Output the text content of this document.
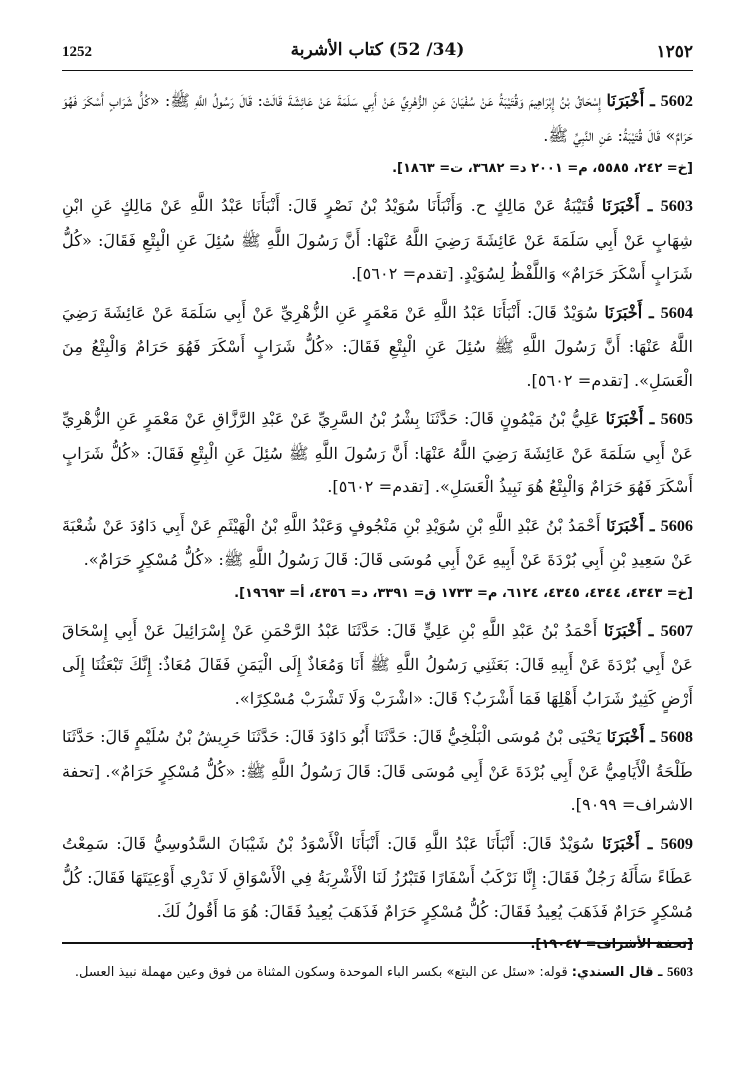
1252	(34/ 52) كتاب الأشربة	١٢٥٢

5602 ـ أَخْبَرَنَا إِسْحَاقُ بْنُ إِبْرَاهِيمَ وَقُتَيْبَةُ عَنْ سُفْيَانَ عَنِ الزُّهْرِيِّ عَنْ أَبِي سَلَمَةَ عَنْ عَائِشَةَ قَالَتْ: قَالَ رَسُولُ اللَّهِ ﷺ: «كُلُّ شَرَابٍ أَسْكَرَ فَهُوَ حَرَامٌ» قَالَ قُتَيْبَةُ: عَنِ النَّبِيِّ ﷺ.

[خ= ٢٤٢، ٥٥٨٥، م= ٢٠٠١ د= ٣٦٨٢، ت= ١٨٦٣].

5603 ـ أَخْبَرَنَا قُتَيْبَةُ عَنْ مَالِكٍ ح. وَأَنْبَأَنَا سُوَيْدُ بْنُ نَصْرٍ قَالَ: أَنْبَأَنَا عَبْدُ اللَّهِ عَنْ مَالِكٍ عَنِ ابْنِ شِهَابٍ عَنْ أَبِي سَلَمَةَ عَنْ عَائِشَةَ رَضِيَ اللَّهُ عَنْهَا: أَنَّ رَسُولَ اللَّهِ ﷺ سُئِلَ عَنِ الْبِتْعِ فَقَالَ: «كُلُّ شَرَابٍ أَسْكَرَ حَرَامٌ» وَاللَّفْظُ لِسُوَيْدٍ. [تقدم= ٥٦٠٢].

5604 ـ أَخْبَرَنَا سُوَيْدٌ قَالَ: أَنْبَأَنَا عَبْدُ اللَّهِ عَنْ مَعْمَرٍ عَنِ الزُّهْرِيِّ عَنْ أَبِي سَلَمَةَ عَنْ عَائِشَةَ رَضِيَ اللَّهُ عَنْهَا: أَنَّ رَسُولَ اللَّهِ ﷺ سُئِلَ عَنِ الْبِتْعِ فَقَالَ: «كُلُّ شَرَابٍ أَسْكَرَ فَهُوَ حَرَامٌ وَالْبِتْعُ مِنَ الْعَسَلِ». [تقدم= ٥٦٠٢].

5605 ـ أَخْبَرَنَا عَلِيُّ بْنُ مَيْمُونٍ قَالَ: حَدَّثَنَا بِشْرُ بْنُ السَّرِيِّ عَنْ عَبْدِ الرَّزَّاقِ عَنْ مَعْمَرٍ عَنِ الزُّهْرِيِّ عَنْ أَبِي سَلَمَةَ عَنْ عَائِشَةَ رَضِيَ اللَّهُ عَنْهَا: أَنَّ رَسُولَ اللَّهِ ﷺ سُئِلَ عَنِ الْبِتْعِ فَقَالَ: «كُلُّ شَرَابٍ أَسْكَرَ فَهُوَ حَرَامٌ وَالْبِتْعُ هُوَ نَبِيذُ الْعَسَلِ». [تقدم= ٥٦٠٢].

5606 ـ أَخْبَرَنَا أَحْمَدُ بْنُ عَبْدِ اللَّهِ بْنِ سُوَيْدِ بْنِ مَنْجُوفٍ وَعَبْدُ اللَّهِ بْنُ الْهَيْثَمِ عَنْ أَبِي دَاوُدَ عَنْ شُعْبَةَ عَنْ سَعِيدِ بْنِ أَبِي بُرْدَةَ عَنْ أَبِيهِ عَنْ أَبِي مُوسَى قَالَ: قَالَ رَسُولُ اللَّهِ ﷺ: «كُلُّ مُسْكِرٍ حَرَامٌ».

[خ= ٤٣٤٣، ٤٣٤٤، ٤٣٤٥، ٦١٢٤، م= ١٧٣٣ ق= ٣٣٩١، د= ٤٣٥٦، أ= ١٩٦٩٣].

5607 ـ أَخْبَرَنَا أَحْمَدُ بْنُ عَبْدِ اللَّهِ بْنِ عَلِيٍّ قَالَ: حَدَّثَنَا عَبْدُ الرَّحْمَنِ عَنْ إِسْرَائِيلَ عَنْ أَبِي إِسْحَاقَ عَنْ أَبِي بُرْدَةَ عَنْ أَبِيهِ قَالَ: بَعَثَنِي رَسُولُ اللَّهِ ﷺ أَنَا وَمُعَاذٌ إِلَى الْيَمَنِ فَقَالَ مُعَاذٌ: إِنَّكَ تَبْعَثُنَا إِلَى أَرْضٍ كَثِيرٌ شَرَابُ أَهْلِهَا فَمَا أَشْرَبُ؟ قَالَ: «اشْرَبْ وَلَا تَشْرَبْ مُسْكِرًا».

5608 ـ أَخْبَرَنَا يَحْيَى بْنُ مُوسَى الْبَلْخِيُّ قَالَ: حَدَّثَنَا أَبُو دَاوُدَ قَالَ: حَدَّثَنَا حَرِيشُ بْنُ سُلَيْمٍ قَالَ: حَدَّثَنَا طَلْحَةُ الْأَيَامِيُّ عَنْ أَبِي بُرْدَةَ عَنْ أَبِي مُوسَى قَالَ: قَالَ رَسُولُ اللَّهِ ﷺ: «كُلُّ مُسْكِرٍ حَرَامٌ». [تحفة الاشراف= ٩٠٩٩].

5609 ـ أَخْبَرَنَا سُوَيْدٌ قَالَ: أَنْبَأَنَا عَبْدُ اللَّهِ قَالَ: أَنْبَأَنَا الْأَسْوَدُ بْنُ شَيْبَانَ السَّدُوسِيُّ قَالَ: سَمِعْتُ عَطَاءً سَأَلَهُ رَجُلٌ فَقَالَ: إِنَّا نَرْكَبُ أَسْفَارًا فَتَبْرُزُ لَنَا الْأَشْرِبَةُ فِي الْأَسْوَاقِ لَا نَدْرِي أَوْعِيَتَهَا فَقَالَ: كُلُّ مُسْكِرٍ حَرَامٌ فَذَهَبَ يُعِيدُ فَقَالَ: كُلُّ مُسْكِرٍ حَرَامٌ فَذَهَبَ يُعِيدُ فَقَالَ: هُوَ مَا أَقُولُ لَكَ.

[تحفة الأشراف= ١٩٠٤٧].

5603 ـ قال السندي: قوله: «سئل عن البتع» بكسر الباء الموحدة وسكون المثناة من فوق وعين مهملة نبيذ العسل.
